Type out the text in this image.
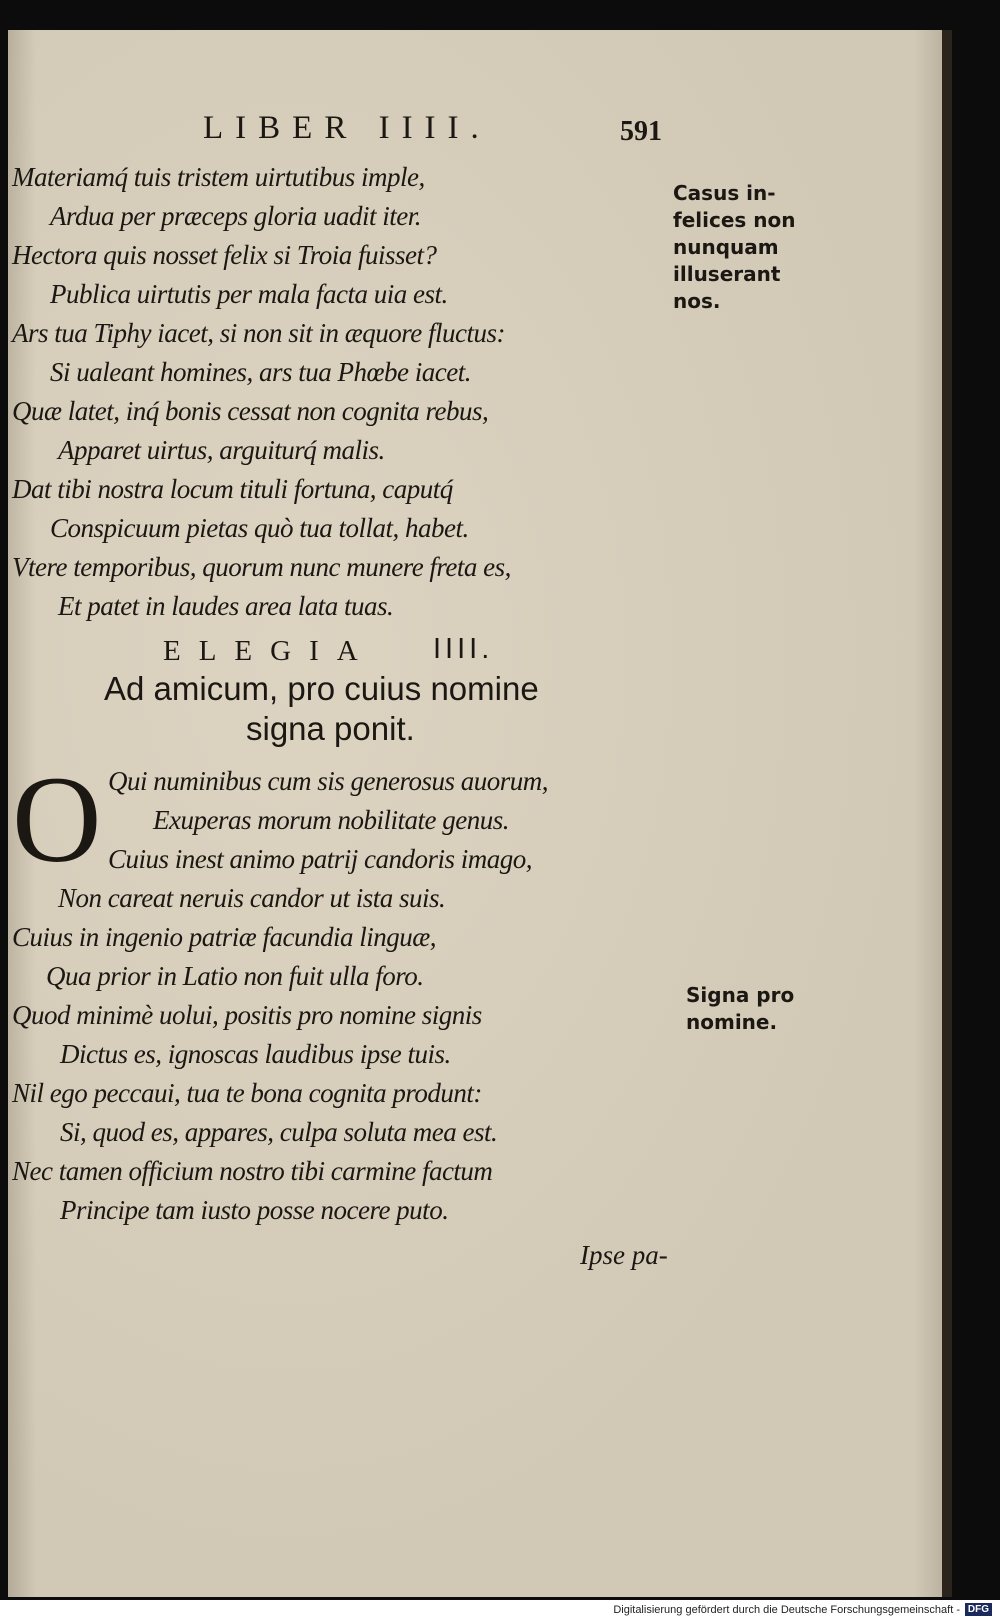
LIBER IIII.	591
Materiamq́ tuis tristem uirtutibus imple,
Ardua per præceps gloria uadit iter.
Hectora quis nosset felix si Troia fuisset?
Publica uirtutis per mala facta uia est.
Ars tua Tiphy iacet, si non sit in æquore fluctus:
Si ualeant homines, ars tua Phœbe iacet.
Quæ latet, inq́ bonis cessat non cognita rebus,
Apparet uirtus, arguiturq́ malis.
Dat tibi nostra locum tituli fortuna, caputq́
Conspicuum pietas quò tua tollat, habet.
Vtere temporibus, quorum nunc munere freta es,
Et patet in laudes area lata tuas.
ELEGIA IIII.
Ad amicum, pro cuius nomine
signa ponit.
O Qui numinibus cum sis generosus auorum,
Exuperas morum nobilitate genus.
Cuius inest animo patrij candoris imago,
Non careat neruis candor ut ista suis.
Cuius in ingenio patriæ facundia linguæ,
Qua prior in Latio non fuit ulla foro.
Quod minimè uolui, positis pro nomine signis
Dictus es, ignoscas laudibus ipse tuis.
Nil ego peccaui, tua te bona cognita produnt:
Si, quod es, appares, culpa soluta mea est.
Nec tamen officium nostro tibi carmine factum
Principe tam iusto posse nocere puto.
Casus in-
felices non
nunquam
illuserant
nos.
Signa pro
nomine.
Ipse pa-
Digitalisierung gefördert durch die Deutsche Forschungsgemeinschaft - DFG
